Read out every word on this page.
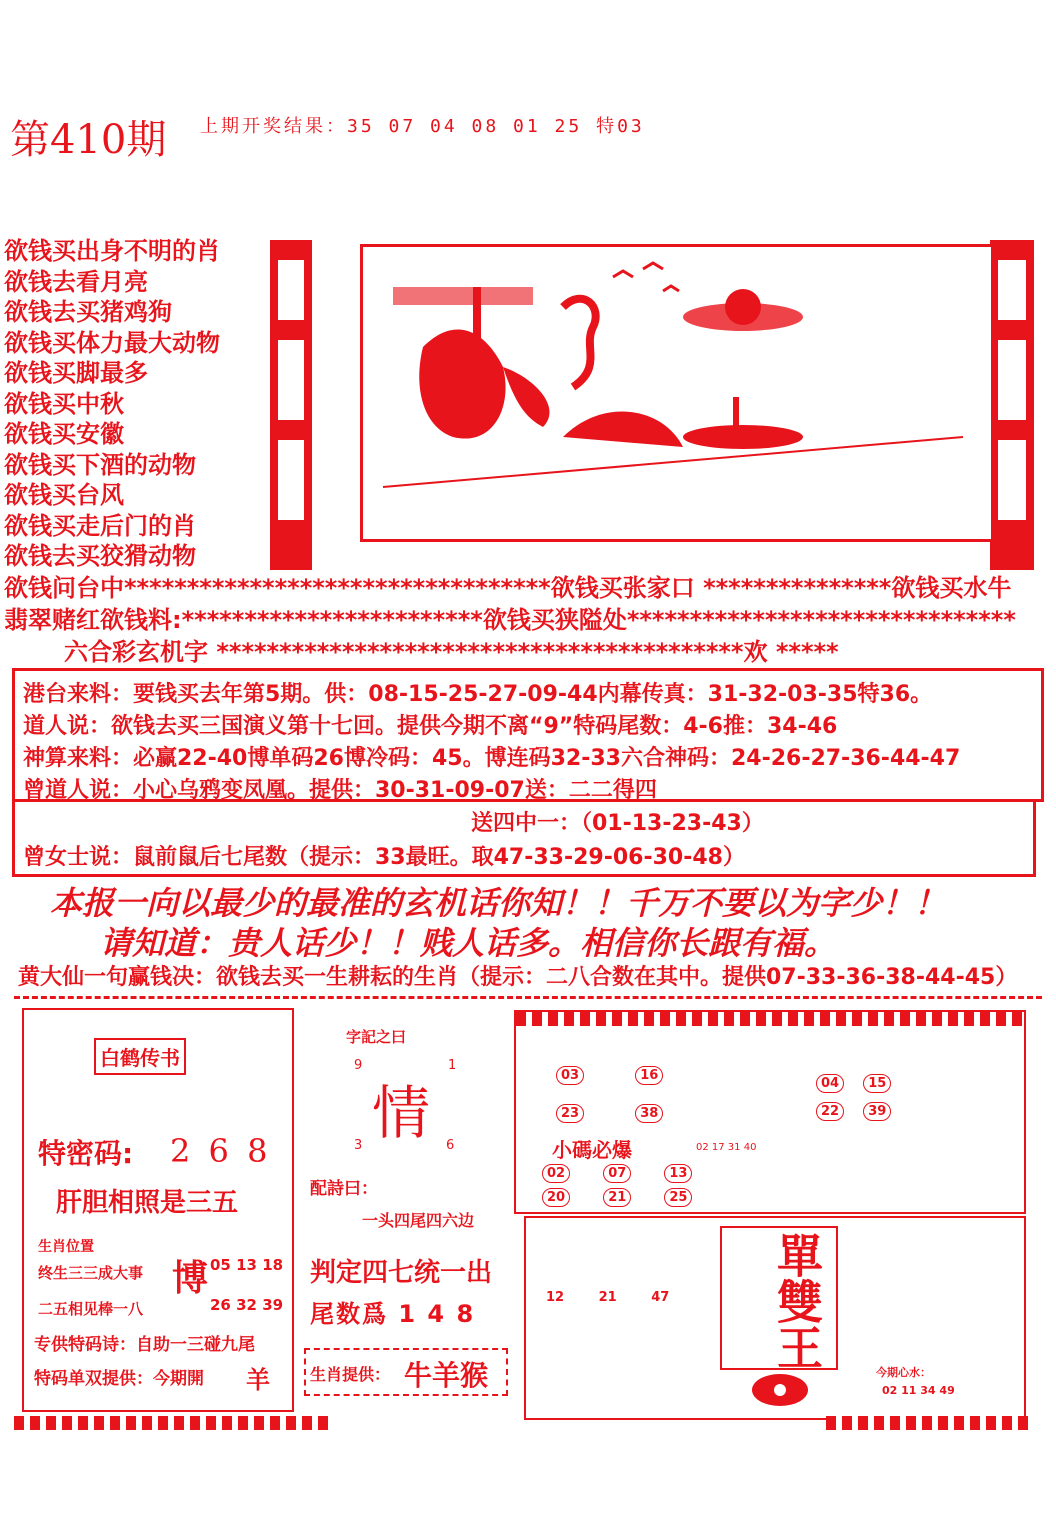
第410期 上期开奖结果：35 07 04 08 01 25 特03
欲钱买出身不明的肖
欲钱去看月亮
欲钱去买猪鸡狗
欲钱买体力最大动物
欲钱买脚最多
欲钱买中秋
欲钱买安徽
欲钱买下酒的动物
欲钱买台风
欲钱买走后门的肖
欲钱去买狡猾动物
欲钱问台中**********************************欲钱买张家口 ***************欲钱买水牛
翡翠赌红欲钱料:************************欲钱买狭隘处*******************************
六合彩玄机字 ******************************************欢 *****
港台来料：要钱买去年第5期。供：08-15-25-27-09-44内幕传真：31-32-03-35特36。
道人说：欲钱去买三国演义第十七回。提供今期不离“9”特码尾数：4-6推：34-46
神算来料：必赢22-40博单码26博冷码：45。博连码32-33六合神码：24-26-27-36-44-47
曾道人说：小心乌鸦变凤凰。提供：30-31-09-07送：二二得四
送四中一：（01-13-23-43）
曾女士说：鼠前鼠后七尾数（提示：33最旺。取47-33-29-06-30-48）
本报一向以最少的最准的玄机话你知！！千万不要以为字少！！
请知道：贵人话少！！贱人话多。相信你长跟有福。
黄大仙一句赢钱决：欲钱去买一生耕耘的生肖（提示：二八合数在其中。提供07-33-36-38-44-45）
白鹤传书
特密码: 2 6 8
肝胆相照是三五
生肖位置
终生三三成大事
二五相见棒一八
博 05 13 18
26 32 39
专供特码诗：自助一三碰九尾
特码单双提供：今期開 羊
字記之曰
9	1
情
3	6
配詩曰：
一头四尾四六边
判定四七统一出
尾数爲 1 4 8
生肖提供： 牛羊猴
03	16
23	38
04 15
22 39
小碼必爆	02 17 31 40
02	07	13
20	21	25
12	21	47	單雙王
今期心水：
02 11 34 49
